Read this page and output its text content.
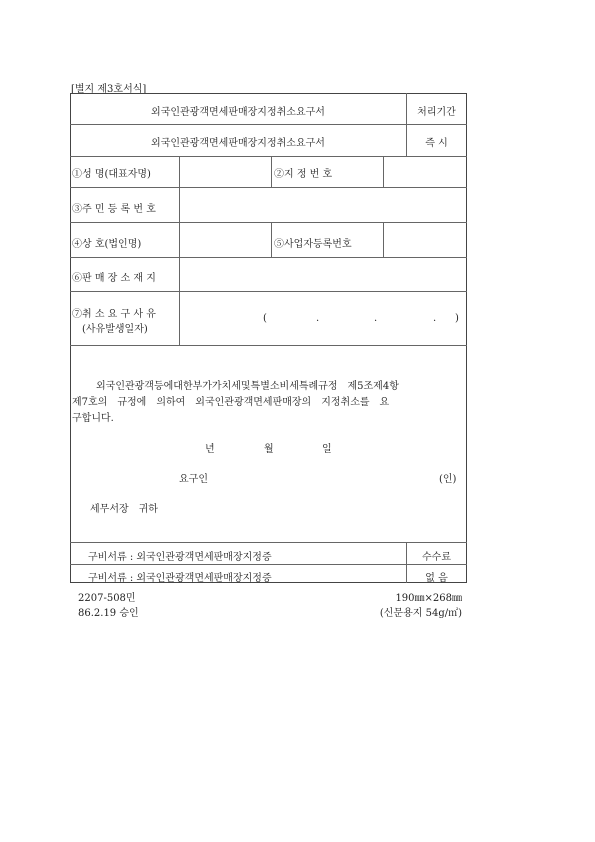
[별지 제3호서식]
외국인관광객면세판매장지정취소요구서	처리기간
외국인관광객면세판매장지정취소요구서	즉 시
①성 명(대표자명)	②지 정 번 호
③주 민 등 록 번 호
④상 호(법인명)	⑤사업자등록번호
⑥판 매 장 소 재 지
⑦취 소 요 구 사 유
(사유발생일자)
(	.	.	. )
외국인관광객등에대한부가가치세및특별소비세특례규정　제5조제4항
제7호의　규정에　의하여　외국인관광객면세판매장의　지정취소를　요
구합니다.
년	월	일
요구인	(인)
세무서장　귀하
구비서류 : 외국인관광객면세판매장지정증	수수료
구비서류 : 외국인관광객면세판매장지정증	없 음
2207-508민
86.2.19 승인
190㎜×268㎜
(신문용지 54g/㎡)
